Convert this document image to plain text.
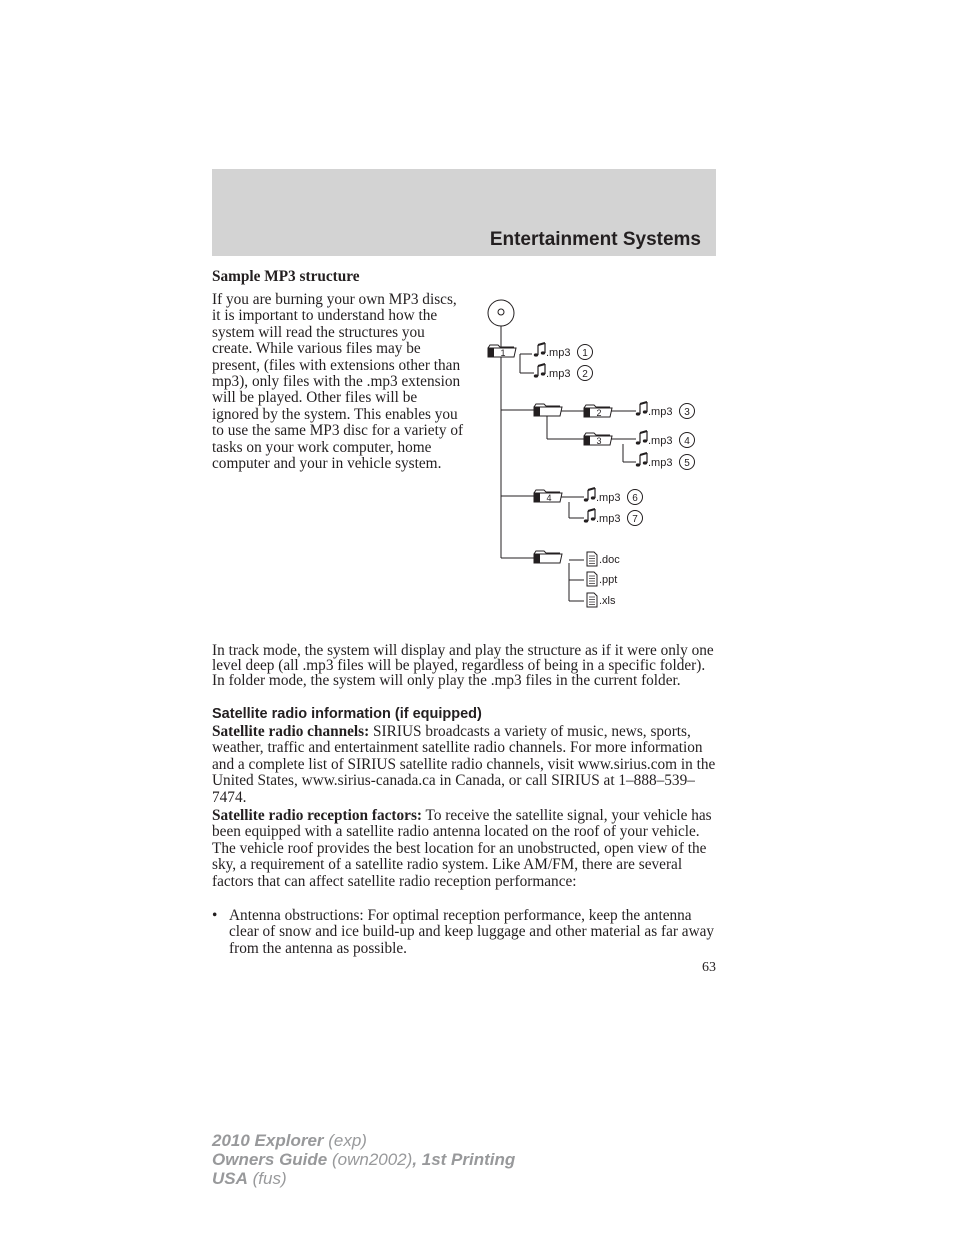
Entertainment Systems
Sample MP3 structure
If you are burning your own MP3 discs, it is important to understand how the system will read the structures you create. While various files may be present, (files with extensions other than mp3), only files with the .mp3 extension will be played. Other files will be ignored by the system. This enables you to use the same MP3 disc for a variety of tasks on your work computer, home computer and your in vehicle system.
1
2
3
4
.mp3 1
.mp3 2
.mp3 3
.mp3 4
.mp3 5
.mp3 6
.mp3 7
.doc
.ppt
.xls
In track mode, the system will display and play the structure as if it were only one level deep (all .mp3 files will be played, regardless of being in a specific folder). In folder mode, the system will only play the .mp3 files in the current folder.
Satellite radio information (if equipped)
Satellite radio channels: SIRIUS broadcasts a variety of music, news, sports, weather, traffic and entertainment satellite radio channels. For more information and a complete list of SIRIUS satellite radio channels, visit www.sirius.com in the United States, www.sirius-canada.ca in Canada, or call SIRIUS at 1–888–539–7474.
Satellite radio reception factors: To receive the satellite signal, your vehicle has been equipped with a satellite radio antenna located on the roof of your vehicle. The vehicle roof provides the best location for an unobstructed, open view of the sky, a requirement of a satellite radio system. Like AM/FM, there are several factors that can affect satellite radio reception performance:
• Antenna obstructions: For optimal reception performance, keep the antenna clear of snow and ice build-up and keep luggage and other material as far away from the antenna as possible.
63
2010 Explorer (exp)
Owners Guide (own2002), 1st Printing
USA (fus)
